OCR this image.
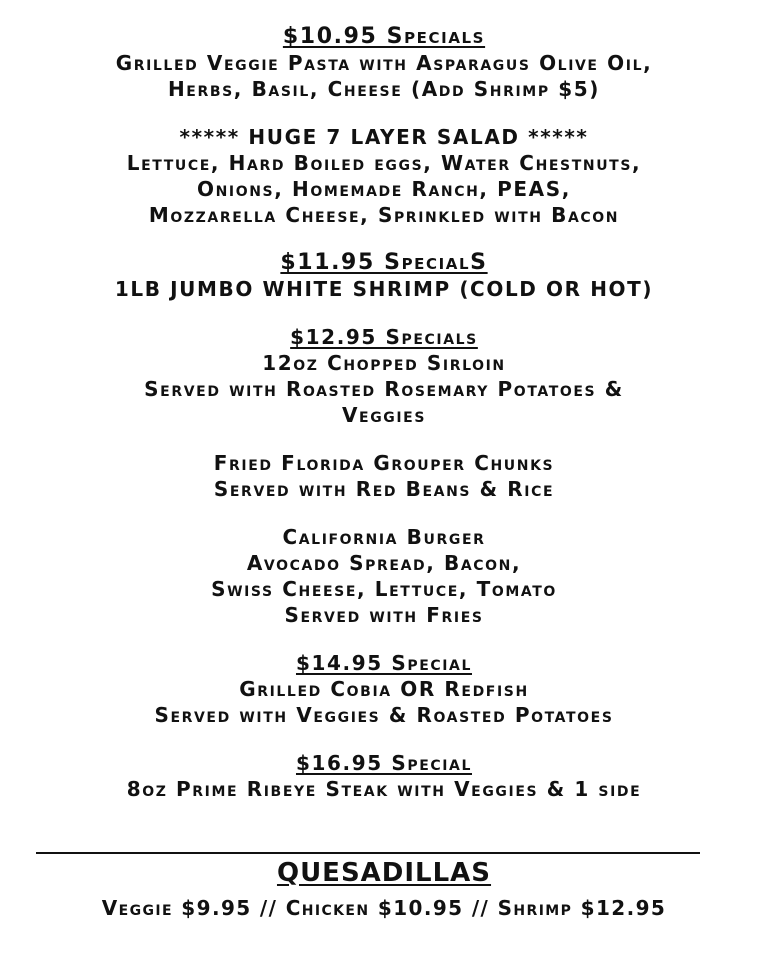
$10.95 Specials
Grilled Veggie Pasta with Asparagus Olive Oil,
Herbs, Basil, Cheese (Add Shrimp $5)
***** HUGE 7 LAYER SALAD *****
Lettuce, Hard Boiled eggs, Water Chestnuts,
Onions, Homemade Ranch, PEAS,
Mozzarella Cheese, Sprinkled with Bacon
$11.95 SpecialS
1LB JUMBO WHITE SHRIMP (COLD OR HOT)
$12.95 Specials
12oz Chopped Sirloin
Served with Roasted Rosemary Potatoes &
Veggies
Fried Florida Grouper Chunks
Served with Red Beans & Rice
California Burger
Avocado Spread, Bacon,
Swiss Cheese, Lettuce, Tomato
Served with Fries
$14.95 Special
Grilled Cobia OR Redfish
Served with Veggies & Roasted Potatoes
$16.95 Special
8oz Prime Ribeye Steak with Veggies & 1 side
QUESADILLAS
Veggie $9.95 // Chicken $10.95 // Shrimp $12.95
